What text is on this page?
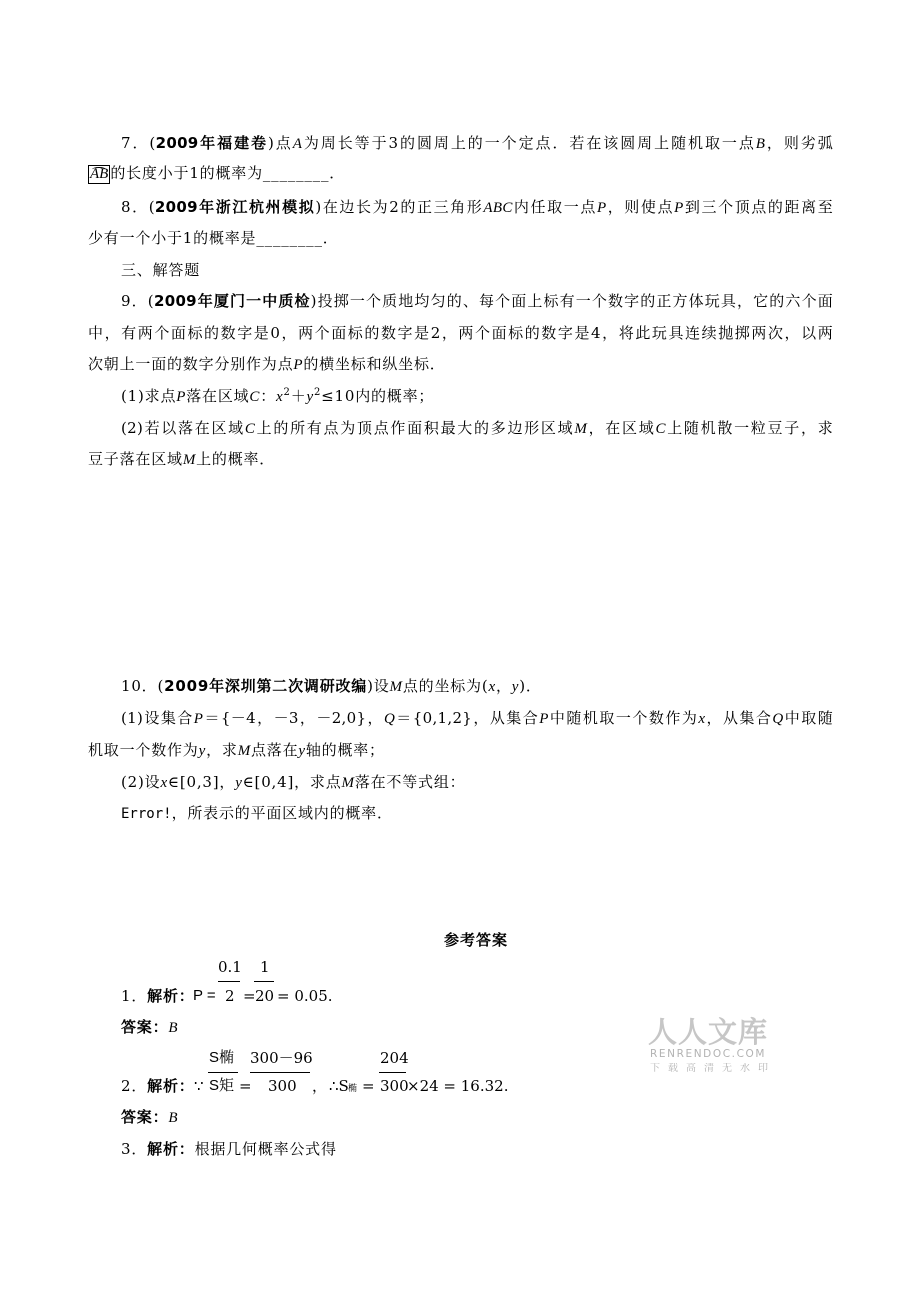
7．(2009年福建卷)点A为周长等于3的圆周上的一个定点．若在该圆周上随机取一点B，则劣弧
AB 的长度小于1的概率为________．
8．(2009年浙江杭州模拟)在边长为2的正三角形ABC内任取一点P，则使点P到三个顶点的距离至
少有一个小于1的概率是________．
三、解答题
9．(2009年厦门一中质检)投掷一个质地均匀的、每个面上标有一个数字的正方体玩具，它的六个面
中，有两个面标的数字是0，两个面标的数字是2，两个面标的数字是4，将此玩具连续抛掷两次，以两
次朝上一面的数字分别作为点P的横坐标和纵坐标．
(1)求点P落在区域C：$x^2+y^2\le 10$内的概率；
(2)若以落在区域C上的所有点为顶点作面积最大的多边形区域M，在区域C上随机散一粒豆子，求
豆子落在区域M上的概率．
10．(2009年深圳第二次调研改编)设M点的坐标为(x，y)．
(1)设集合P＝{－4，－3，－2,0}，Q＝{0,1,2}，从集合P中随机取一个数作为x，从集合Q中取随
机取一个数作为y，求M点落在y轴的概率；
(2)设x∈[0,3]，y∈[0,4]，求点M落在不等式组：
Error!，所表示的平面区域内的概率．
参考答案
1．解析：
P =
0.1
2 =
1
20 = 0.05.
答案：B
2．解析： ∵
S椭
S矩 =
300－96
300 ， ∴S 椭 =
204
300
×24 = 16.32.
答案：B
3．解析：根据几何概率公式得
人人文库
RENRENDOC.COM
下 载 高 清 无 水 印
